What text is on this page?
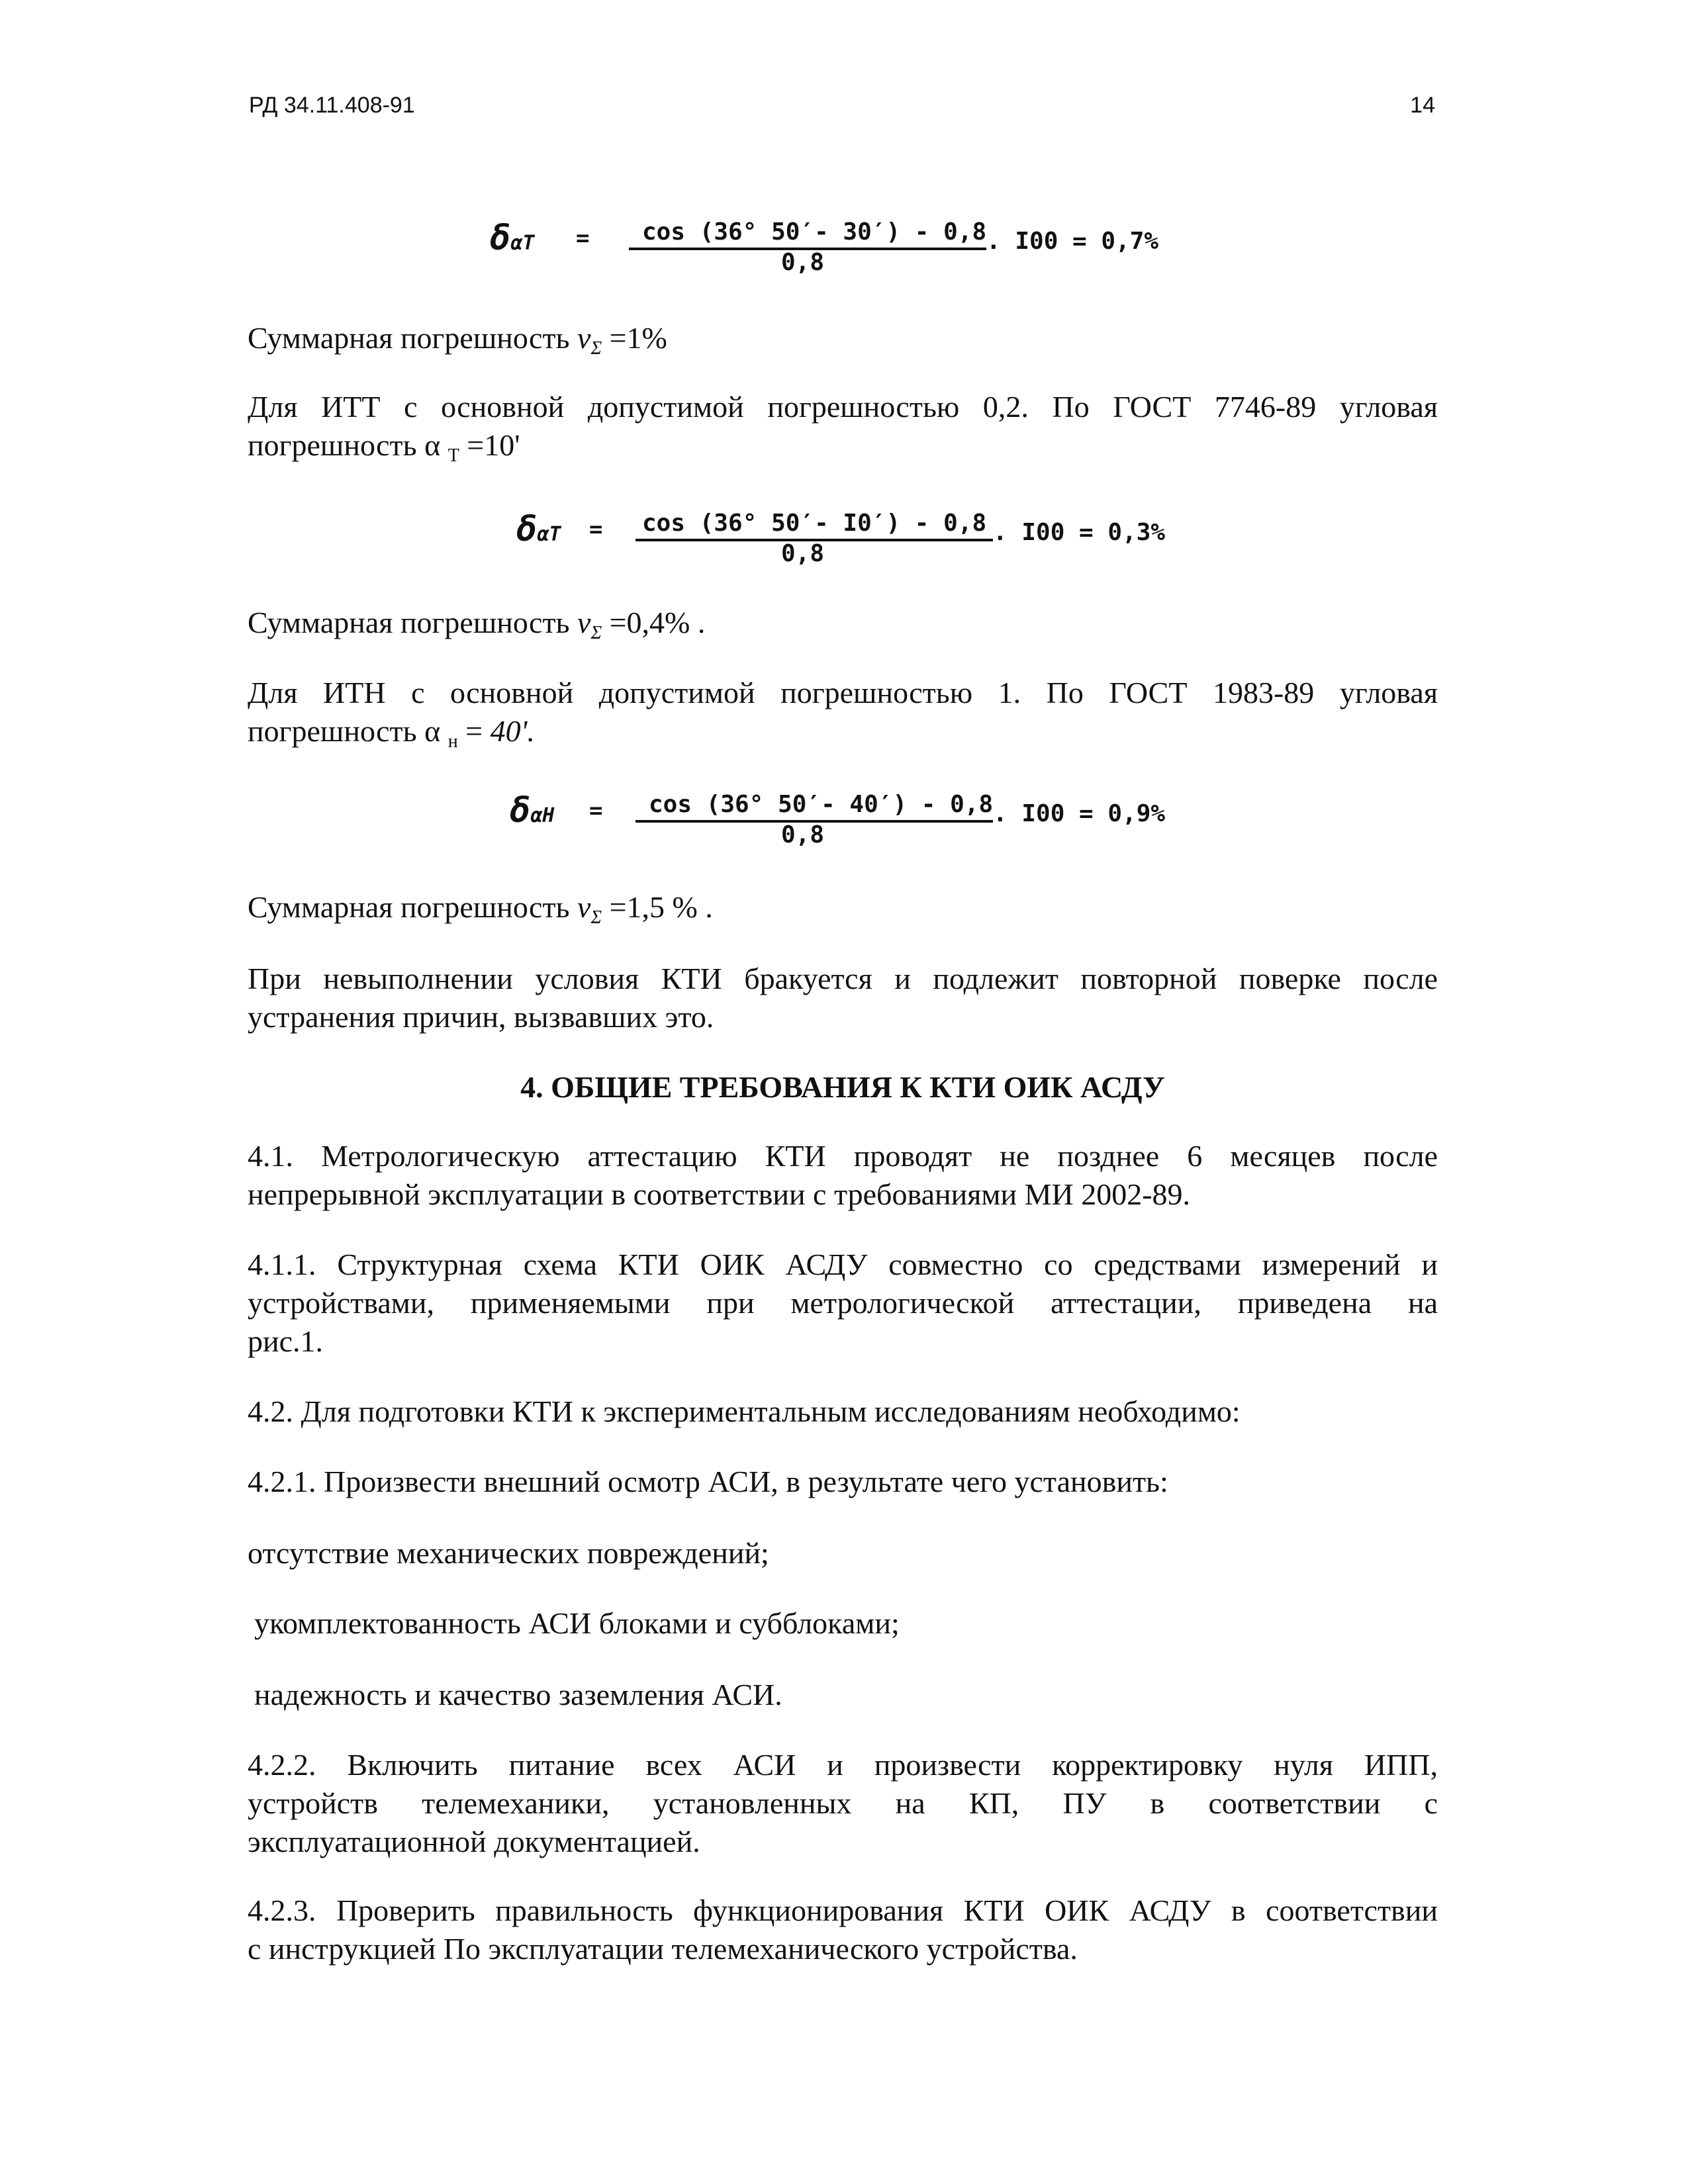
РД 34.11.408-91	14
δαT = cos (36° 50′- 30′) - 0,8
0,8
. I00 = 0,7%
Суммарная погрешность vΣ =1%
Для ИТТ с основной допустимой погрешностью 0,2. По ГОСТ 7746-89 угловая
погрешность α T =10'
δαT = cos (36° 50′- I0′) - 0,8
0,8
. I00 = 0,3%
Суммарная погрешность vΣ =0,4% .
Для ИТН с основной допустимой погрешностью 1. По ГОСТ 1983-89 угловая
погрешность α н = 40'.
δαH = cos (36° 50′- 40′) - 0,8
0,8
. I00 = 0,9%
Суммарная погрешность vΣ =1,5 % .
При невыполнении условия КТИ бракуется и подлежит повторной поверке после
устранения причин, вызвавших это.
4. ОБЩИЕ ТРЕБОВАНИЯ К КТИ ОИК АСДУ
4.1. Метрологическую аттестацию КТИ проводят не позднее 6 месяцев после
непрерывной эксплуатации в соответствии с требованиями МИ 2002-89.
4.1.1. Структурная схема КТИ ОИК АСДУ совместно со средствами измерений и
устройствами, применяемыми при метрологической аттестации, приведена на
рис.1.
4.2. Для подготовки КТИ к экспериментальным исследованиям необходимо:
4.2.1. Произвести внешний осмотр АСИ, в результате чего установить:
отсутствие механических повреждений;
укомплектованность АСИ блоками и субблоками;
надежность и качество заземления АСИ.
4.2.2. Включить питание всех АСИ и произвести корректировку нуля ИПП,
устройств телемеханики, установленных на КП, ПУ в соответствии с
эксплуатационной документацией.
4.2.3. Проверить правильность функционирования КТИ ОИК АСДУ в соответствии
с инструкцией По эксплуатации телемеханического устройства.
